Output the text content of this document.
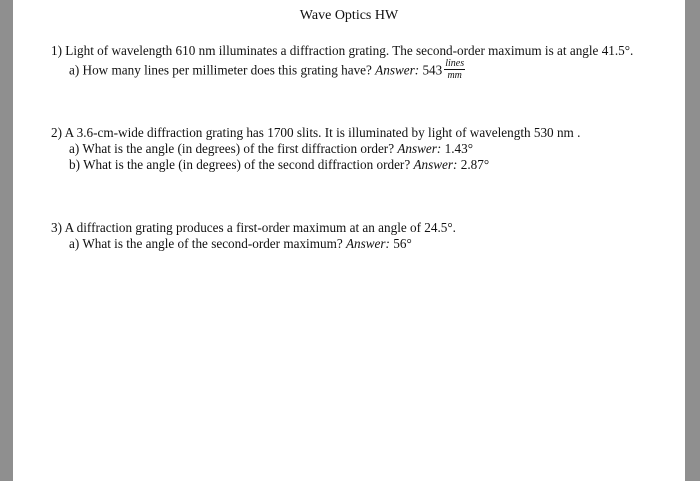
Wave Optics HW
1) Light of wavelength 610 nm illuminates a diffraction grating. The second-order maximum is at angle 41.5°.
a) How many lines per millimeter does this grating have? Answer: $543 \frac{\text{lines}}{mm}$
2) A 3.6-cm-wide diffraction grating has 1700 slits. It is illuminated by light of wavelength 530 nm .
a) What is the angle (in degrees) of the first diffraction order? Answer: 1.43°
b) What is the angle (in degrees) of the second diffraction order? Answer: 2.87°
3) A diffraction grating produces a first-order maximum at an angle of 24.5°.
a) What is the angle of the second-order maximum? Answer: 56°
